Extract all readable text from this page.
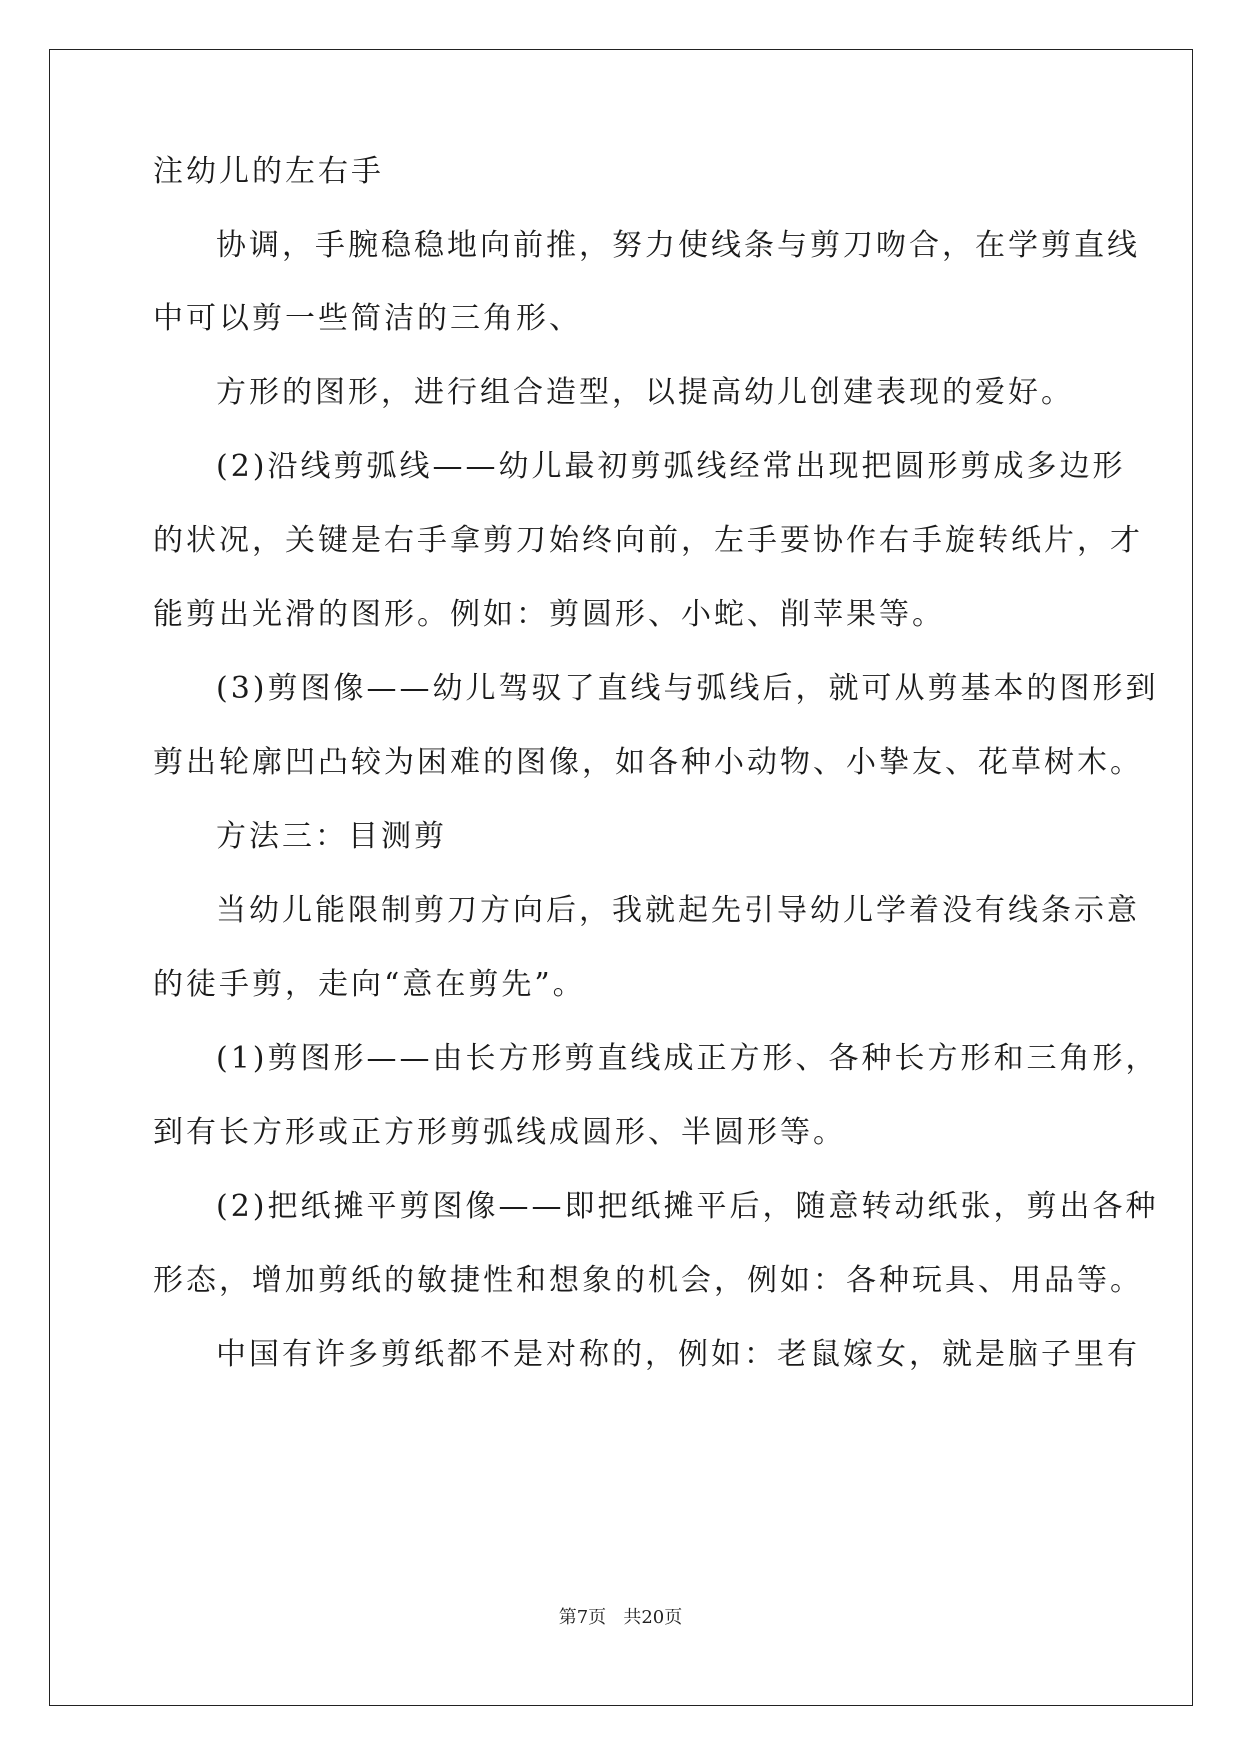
注幼儿的左右手

协调，手腕稳稳地向前推，努力使线条与剪刀吻合，在学剪直线

中可以剪一些简洁的三角形、

方形的图形，进行组合造型，以提高幼儿创建表现的爱好。

(2)沿线剪弧线——幼儿最初剪弧线经常出现把圆形剪成多边形

的状况，关键是右手拿剪刀始终向前，左手要协作右手旋转纸片，才

能剪出光滑的图形。例如：剪圆形、小蛇、削苹果等。

(3)剪图像——幼儿驾驭了直线与弧线后，就可从剪基本的图形到

剪出轮廓凹凸较为困难的图像，如各种小动物、小挚友、花草树木。

方法三：目测剪

当幼儿能限制剪刀方向后，我就起先引导幼儿学着没有线条示意

的徒手剪，走向“意在剪先”。

(1)剪图形——由长方形剪直线成正方形、各种长方形和三角形，

到有长方形或正方形剪弧线成圆形、半圆形等。

(2)把纸摊平剪图像——即把纸摊平后，随意转动纸张，剪出各种

形态，增加剪纸的敏捷性和想象的机会，例如：各种玩具、用品等。

中国有许多剪纸都不是对称的，例如：老鼠嫁女，就是脑子里有

第7页 共20页
